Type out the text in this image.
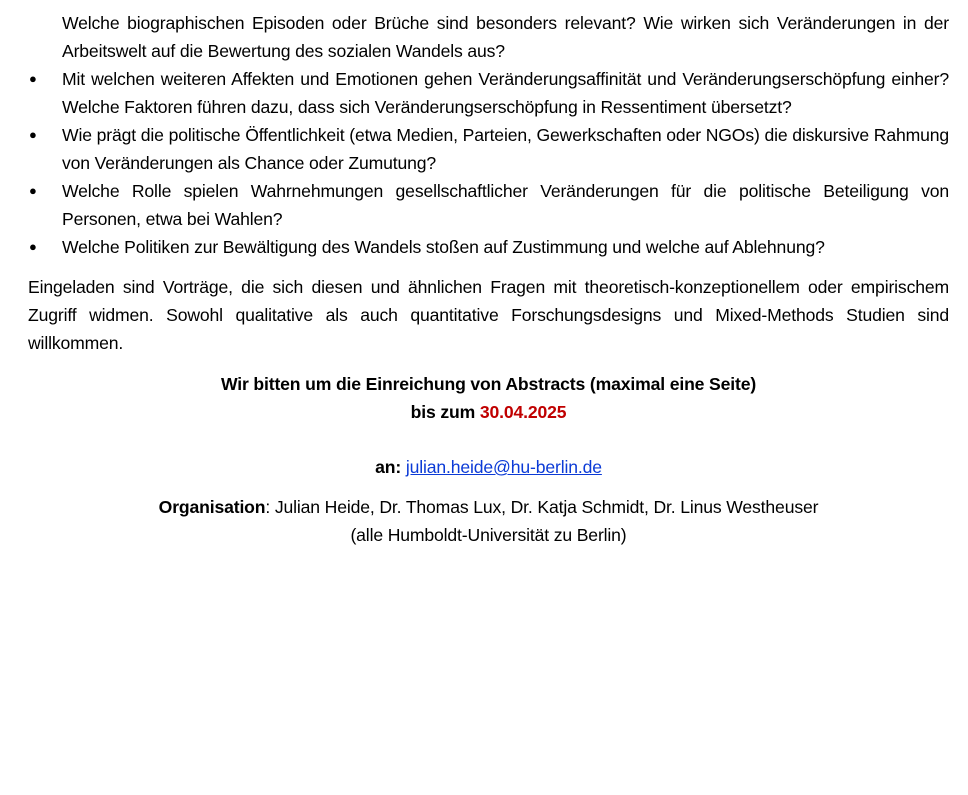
Welche biographischen Episoden oder Brüche sind besonders relevant? Wie wirken sich Veränderungen in der Arbeitswelt auf die Bewertung des sozialen Wandels aus?
●	Mit welchen weiteren Affekten und Emotionen gehen Veränderungsaffinität und Veränderungserschöpfung einher? Welche Faktoren führen dazu, dass sich Veränderungserschöpfung in Ressentiment übersetzt?
●	Wie prägt die politische Öffentlichkeit (etwa Medien, Parteien, Gewerkschaften oder NGOs) die diskursive Rahmung von Veränderungen als Chance oder Zumutung?
●	Welche Rolle spielen Wahrnehmungen gesellschaftlicher Veränderungen für die politische Beteiligung von Personen, etwa bei Wahlen?
●	Welche Politiken zur Bewältigung des Wandels stoßen auf Zustimmung und welche auf Ablehnung?

Eingeladen sind Vorträge, die sich diesen und ähnlichen Fragen mit theoretisch-konzeptionellem oder empirischem Zugriff widmen. Sowohl qualitative als auch quantitative Forschungsdesigns und Mixed-Methods Studien sind willkommen.

Wir bitten um die Einreichung von Abstracts (maximal eine Seite)
bis zum 30.04.2025
an: julian.heide@hu-berlin.de
Organisation: Julian Heide, Dr. Thomas Lux, Dr. Katja Schmidt, Dr. Linus Westheuser
(alle Humboldt-Universität zu Berlin)
